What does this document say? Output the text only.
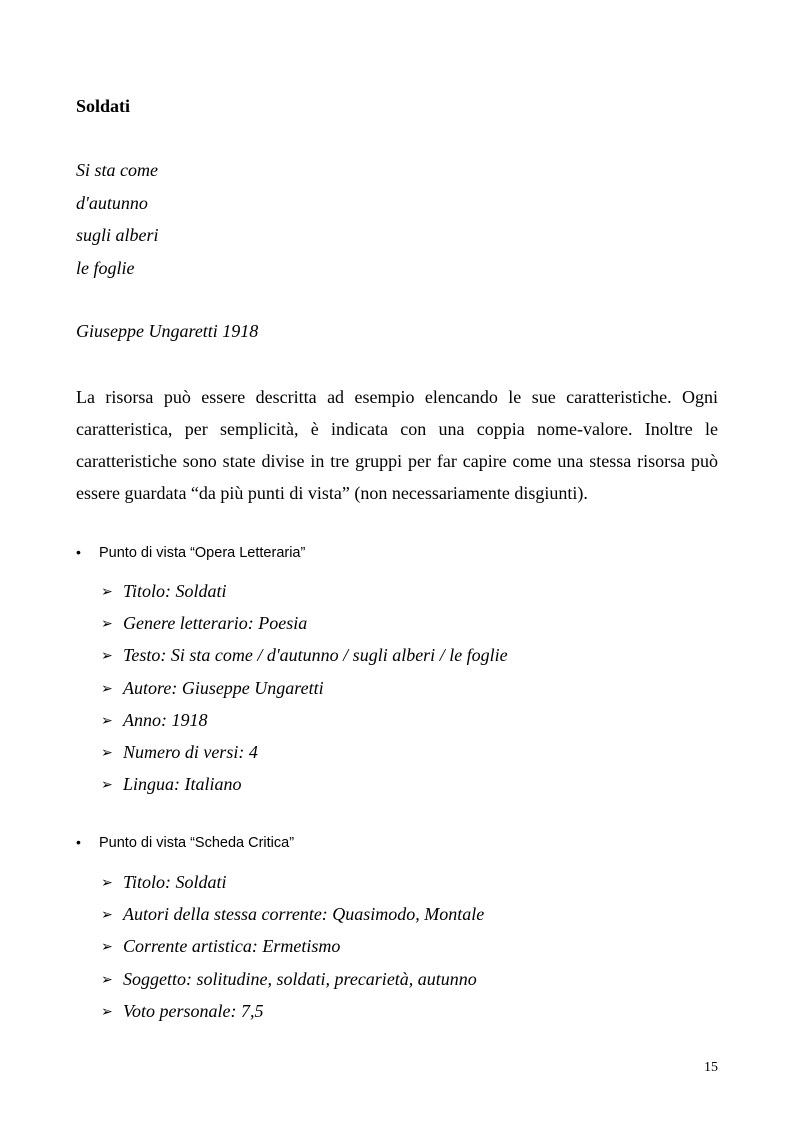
Soldati
Si sta come
d'autunno
sugli alberi
le foglie
Giuseppe Ungaretti 1918
La risorsa può essere descritta ad esempio elencando le sue caratteristiche. Ogni caratteristica, per semplicità, è indicata con una coppia nome-valore. Inoltre le caratteristiche sono state divise in tre gruppi per far capire come una stessa risorsa può essere guardata “da più punti di vista” (non necessariamente disgiunti).
• Punto di vista “Opera Letteraria”
➢ Titolo: Soldati
➢ Genere letterario: Poesia
➢ Testo: Si sta come / d'autunno / sugli alberi / le foglie
➢ Autore: Giuseppe Ungaretti
➢ Anno: 1918
➢ Numero di versi: 4
➢ Lingua: Italiano
• Punto di vista “Scheda Critica”
➢ Titolo: Soldati
➢ Autori della stessa corrente: Quasimodo, Montale
➢ Corrente artistica: Ermetismo
➢ Soggetto: solitudine, soldati, precarietà, autunno
➢ Voto personale: 7,5
15
